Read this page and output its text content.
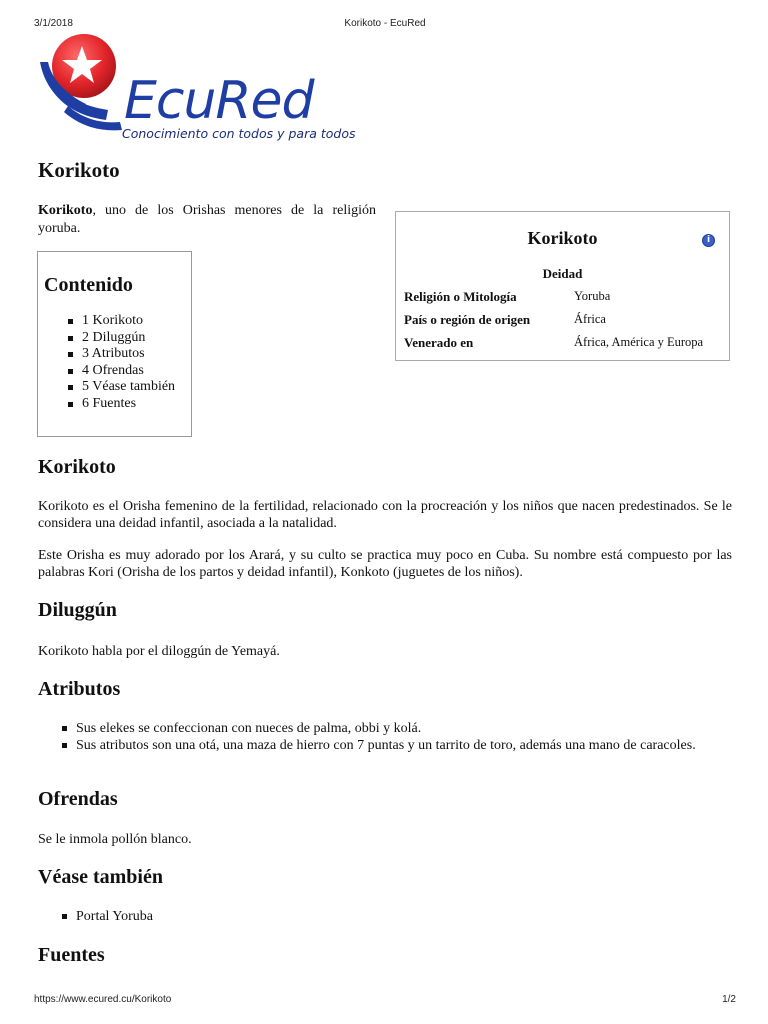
3/1/2018	Korikoto - EcuRed
EcuRed
Conocimiento con todos y para todos
Korikoto

Korikoto, uno de los Orishas menores de la religión yoruba.

Contenido
1 Korikoto
2 Diluggún
3 Atributos
4 Ofrendas
5 Véase también
6 Fuentes
Korikoto	i
Deidad
Religión o Mitología	Yoruba
País o región de origen	África
Venerado en	África, América y Europa
Korikoto

Korikoto es el Orisha femenino de la fertilidad, relacionado con la procreación y los niños que nacen predestinados. Se le considera una deidad infantil, asociada a la natalidad.

Este Orisha es muy adorado por los Arará, y su culto se practica muy poco en Cuba. Su nombre está compuesto por las palabras Kori (Orisha de los partos y deidad infantil), Konkoto (juguetes de los niños).

Diluggún

Korikoto habla por el diloggún de Yemayá.

Atributos
Sus elekes se confeccionan con nueces de palma, obbi y kolá.
Sus atributos son una otá, una maza de hierro con 7 puntas y un tarrito de toro, además una mano de caracoles.
Ofrendas

Se le inmola pollón blanco.

Véase también
Portal Yoruba
Fuentes
https://www.ecured.cu/Korikoto	1/2
